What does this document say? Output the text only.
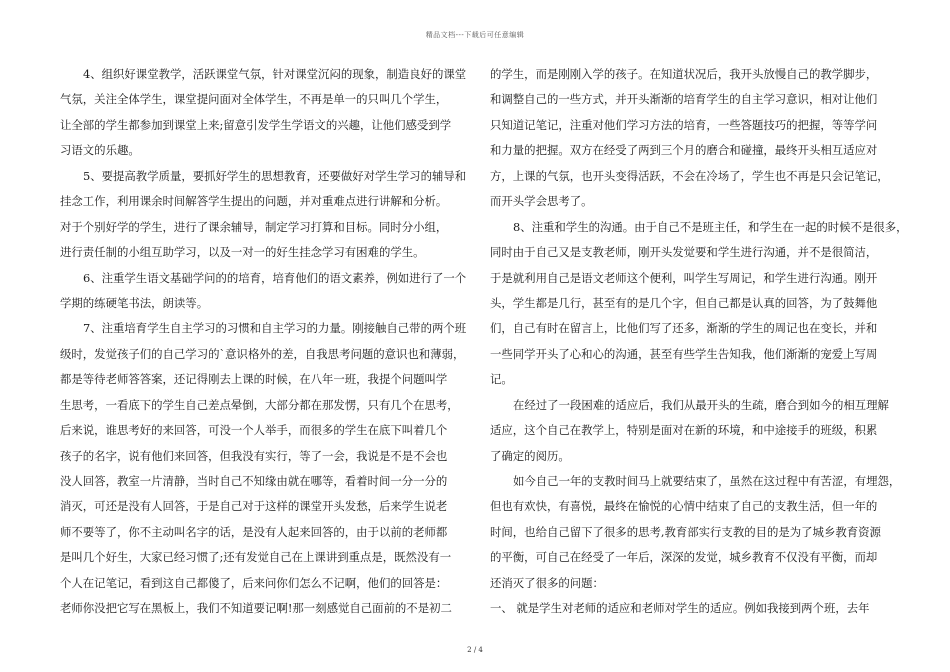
精品文档---下载后可任意编辑
4、组织好课堂教学，活跃课堂气氛，针对课堂沉闷的现象，制造良好的课堂
气氛，关注全体学生，课堂提问面对全体学生，不再是单一的只叫几个学生，
让全部的学生都参加到课堂上来;留意引发学生学语文的兴趣，让他们感受到学
习语文的乐趣。
5、要提高教学质量，要抓好学生的思想教育，还要做好对学生学习的辅导和
挂念工作，利用课余时间解答学生提出的问题，并对重难点进行讲解和分析。
对于个别好学的学生，进行了课余辅导，制定学习打算和目标。同时分小组，
进行责任制的小组互助学习，以及一对一的好生挂念学习有困难的学生。
6、注重学生语文基础学问的的培育，培育他们的语文素养，例如进行了一个
学期的练硬笔书法，朗读等。
7、注重培育学生自主学习的习惯和自主学习的力量。刚接触自己带的两个班
级时，发觉孩子们的自己学习的`意识格外的差，自我思考问题的意识也和薄弱，
都是等待老师答答案，还记得刚去上课的时候，在八年一班，我提个问题叫学
生思考，一看底下的学生自己差点晕倒，大部分都在那发愣，只有几个在思考，
后来说，谁思考好的来回答，可没一个人举手，而很多的学生在底下叫着几个
孩子的名字，说有他们来回答，但我没有实行，等了一会，我说是不是不会也
没人回答，教室一片清静，当时自己不知缘由就在哪等，看着时间一分一分的
消灭，可还是没有人回答，于是自己对于这样的课堂开头发愁，后来学生说老
师不要等了，你不主动叫名字的话，是没有人起来回答的，由于以前的老师都
是叫几个好生，大家已经习惯了;还有发觉自己在上课讲到重点是，既然没有一
个人在记笔记，看到这自己都傻了，后来问你们怎么不记啊，他们的回答是：
老师你没把它写在黑板上，我们不知道要记啊!那一刻感觉自己面前的不是初二
的学生，而是刚刚入学的孩子。在知道状况后，我开头放慢自己的教学脚步，
和调整自己的一些方式，并开头渐渐的培育学生的自主学习意识，相对让他们
只知道记笔记，注重对他们学习方法的培育，一些答题技巧的把握，等等学问
和力量的把握。双方在经受了两到三个月的磨合和碰撞，最终开头相互适应对
方，上课的气氛，也开头变得活跃，不会在冷场了，学生也不再是只会记笔记，
而开头学会思考了。
8、注重和学生的沟通。由于自己不是班主任，和学生在一起的时候不是很多，
同时由于自己又是支教老师，刚开头发觉要和学生进行沟通，并不是很简洁，
于是就利用自己是语文老师这个便利，叫学生写周记，和学生进行沟通。刚开
头，学生都是几行，甚至有的是几个字，但自己都是认真的回答，为了鼓舞他
们，自己有时在留言上，比他们写了还多，渐渐的学生的周记也在变长，并和
一些同学开头了心和心的沟通，甚至有些学生告知我，他们渐渐的宠爱上写周
记。
在经过了一段困难的适应后，我们从最开头的生疏，磨合到如今的相互理解
适应，这个自己在教学上，特别是面对在新的环境，和中途接手的班级，积累
了确定的阅历。
如今自己一年的支教时间马上就要结束了，虽然在这过程中有苦涩，有埋怨，
但也有欢快，有喜悦，最终在愉悦的心情中结束了自己的支教生活，但一年的
时间，也给自己留下了很多的思考,教育部实行支教的目的是为了城乡教育资源
的平衡，可自己在经受了一年后，深深的发觉，城乡教育不仅没有平衡，而却
还消灭了很多的问题：
一、 就是学生对老师的适应和老师对学生的适应。例如我接到两个班，去年
2 / 4
